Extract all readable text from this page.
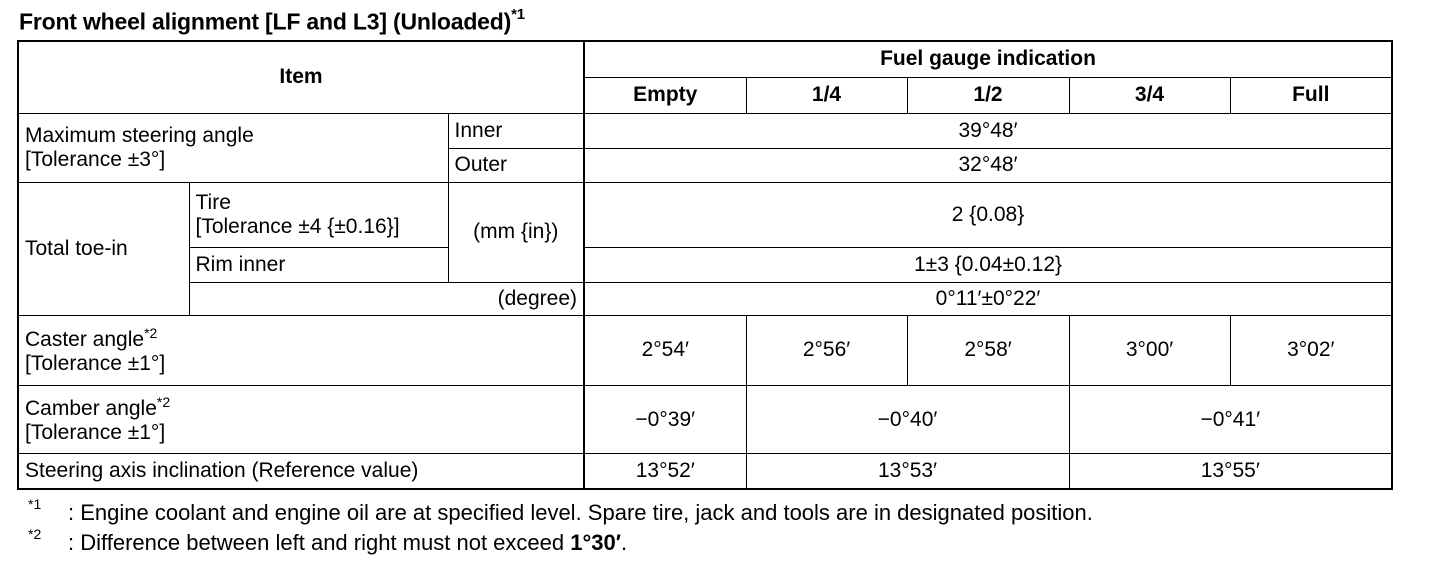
Front wheel alignment [LF and L3] (Unloaded)$^{*1}$
Item			Fuel gauge indication				
			Empty	1/4	1/2	3/4	Full

Maximum steering angle
[Tolerance ±3°]		Inner	39°48′				
		Outer	32°48′				
Total toe-in	Tire
[Tolerance ±4 {±0.16}]	(mm {in})	2 {0.08}				
	Rim inner		1±3 {0.04±0.12}				
	(degree)		0°11′±0°22′				

Caster angle$^{*2}$
[Tolerance ±1°]			2°54′	2°56′	2°58′	3°00′	3°02′

Camber angle$^{*2}$
[Tolerance ±1°]			−0°39′	−0°40′		−0°41′	
Steering axis inclination (Reference value)			13°52′	13°53′		13°55′	
$^{*1}$	: Engine coolant and engine oil are at specified level. Spare tire, jack and tools are in designated position.
$^{*2}$	: Difference between left and right must not exceed 1°30′.
